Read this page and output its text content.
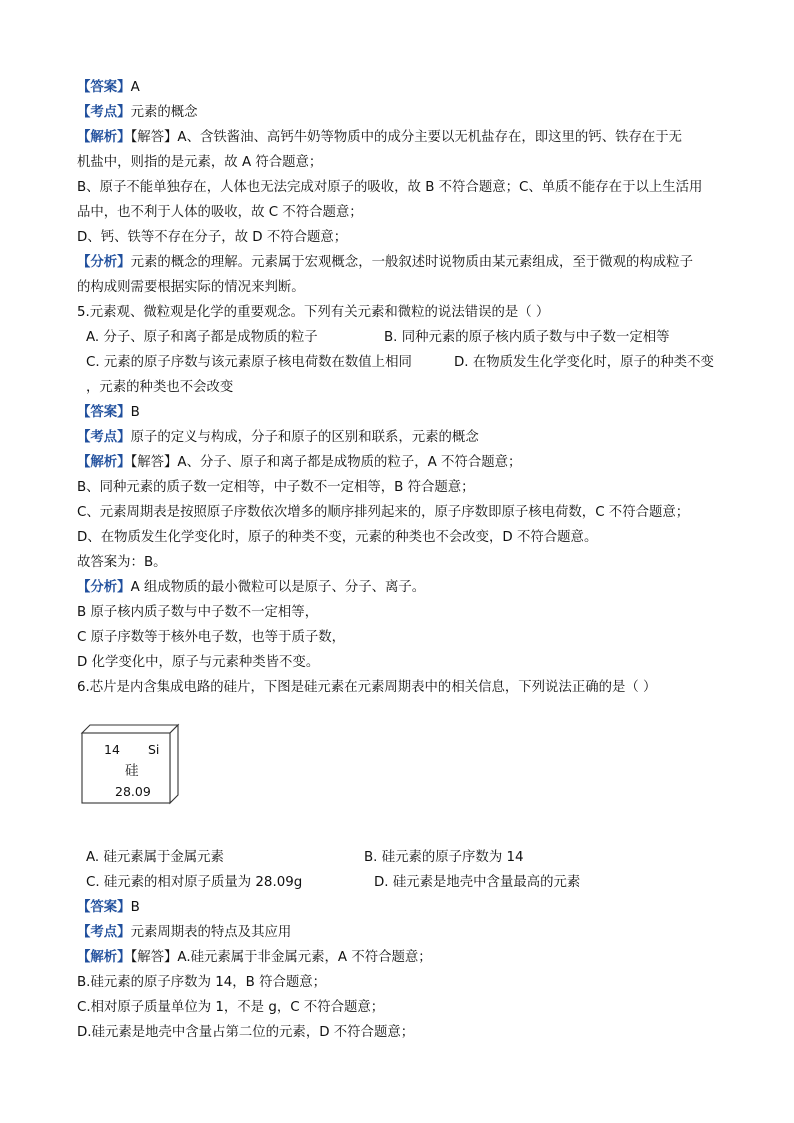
【答案】A
【考点】元素的概念
【解析】【解答】A、含铁酱油、高钙牛奶等物质中的成分主要以无机盐存在，即这里的钙、铁存在于无
机盐中，则指的是元素，故 A 符合题意；
B、原子不能单独存在，人体也无法完成对原子的吸收，故 B 不符合题意；C、单质不能存在于以上生活用
品中，也不利于人体的吸收，故 C 不符合题意；
D、钙、铁等不存在分子，故 D 不符合题意；
【分析】元素的概念的理解。元素属于宏观概念，一般叙述时说物质由某元素组成，至于微观的构成粒子
的构成则需要根据实际的情况来判断。
5.元素观、微粒观是化学的重要观念。下列有关元素和微粒的说法错误的是（ ）
A. 分子、原子和离子都是成物质的粒子	B. 同种元素的原子核内质子数与中子数一定相等
C. 元素的原子序数与该元素原子核电荷数在数值上相同	D. 在物质发生化学变化时，原子的种类不变
，元素的种类也不会改变
【答案】B
【考点】原子的定义与构成，分子和原子的区别和联系，元素的概念
【解析】【解答】A、分子、原子和离子都是成物质的粒子，A 不符合题意；
B、同种元素的质子数一定相等，中子数不一定相等，B 符合题意；
C、元素周期表是按照原子序数依次增多的顺序排列起来的，原子序数即原子核电荷数，C 不符合题意；
D、在物质发生化学变化时，原子的种类不变，元素的种类也不会改变，D 不符合题意。
故答案为：B。
【分析】A 组成物质的最小微粒可以是原子、分子、离子。
B 原子核内质子数与中子数不一定相等，
C 原子序数等于核外电子数，也等于质子数，
D 化学变化中，原子与元素种类皆不变。
6.芯片是内含集成电路的硅片，下图是硅元素在元素周期表中的相关信息，下列说法正确的是（ ）
14 Si
硅
28.09
A. 硅元素属于金属元素	B. 硅元素的原子序数为 14
C. 硅元素的相对原子质量为 28.09g	D. 硅元素是地壳中含量最高的元素
【答案】B
【考点】元素周期表的特点及其应用
【解析】【解答】A.硅元素属于非金属元素，A 不符合题意；
B.硅元素的原子序数为 14，B 符合题意；
C.相对原子质量单位为 1，不是 g，C 不符合题意；
D.硅元素是地壳中含量占第二位的元素，D 不符合题意；
